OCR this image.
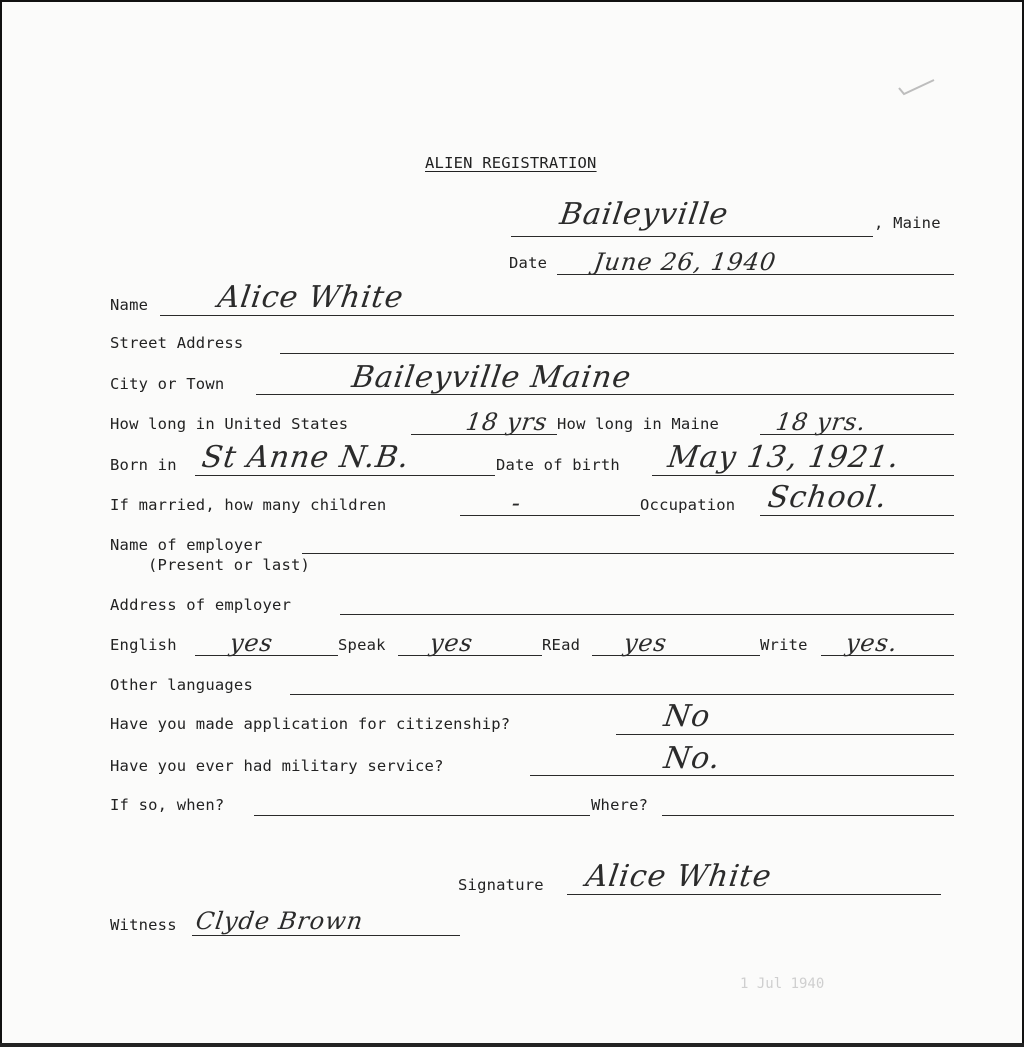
ALIEN REGISTRATION
Baileyville	, Maine
Date June 26, 1940
Name Alice White
Street Address
City or Town	Baileyville Maine
How long in United States	18 yrs How long in Maine 18 yrs.
Born in St Anne N.B.	Date of birth May 13, 1921.
If married, how many children	-	Occupation School.
Name of employer
(Present or last)
Address of employer
English yes	Speak yes	REad yes	Write yes.
Other languages
Have you made application for citizenship?	No
Have you ever had military service?	No.
If so, when?	Where?
Signature Alice White
Witness Clyde Brown
1 Jul 1940
